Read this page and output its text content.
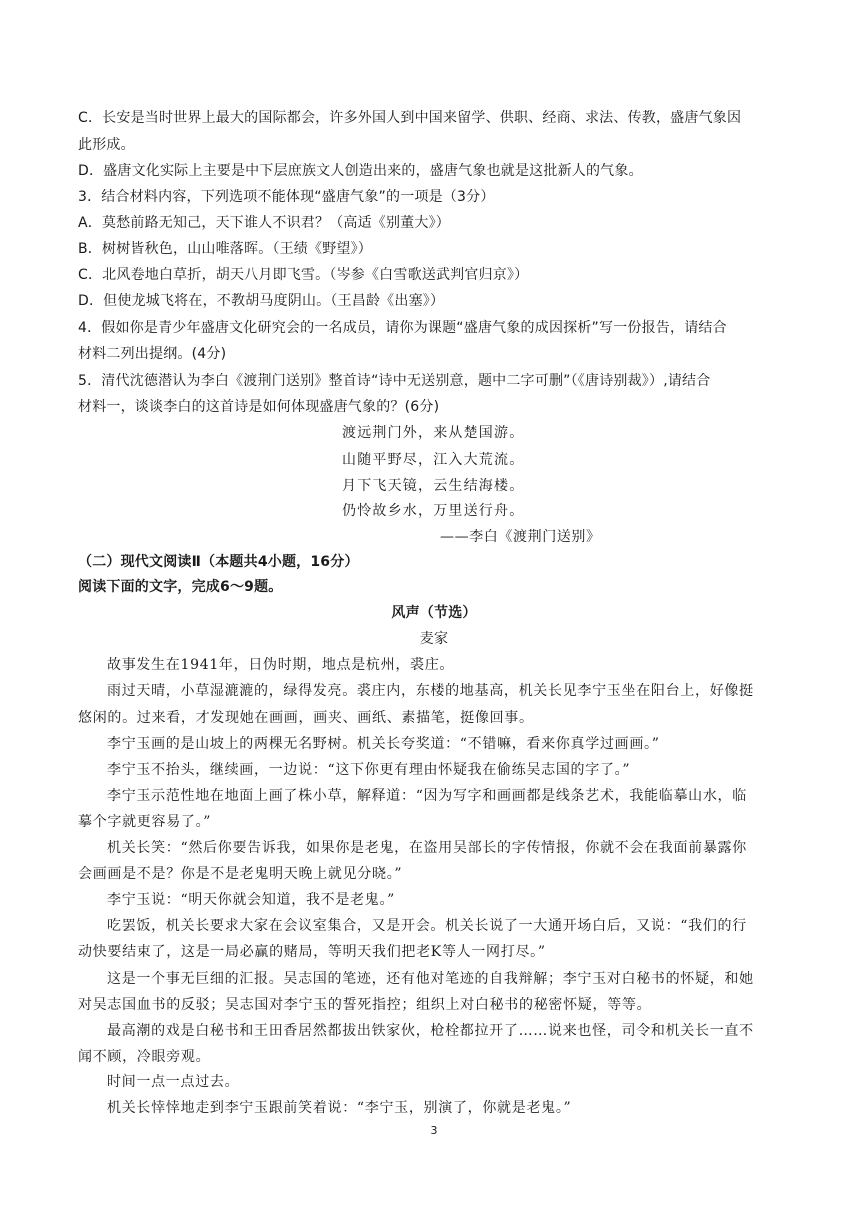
C．长安是当时世界上最大的国际都会，许多外国人到中国来留学、供职、经商、求法、传教，盛唐气象因
此形成。
D．盛唐文化实际上主要是中下层庶族文人创造出来的，盛唐气象也就是这批新人的气象。
3．结合材料内容，下列选项不能体现“盛唐气象”的一项是（3分）
A．莫愁前路无知己，天下谁人不识君？（高适《别董大》）
B．树树皆秋色，山山唯落晖。（王绩《野望》）
C．北风卷地白草折，胡天八月即飞雪。（岑参《白雪歌送武判官归京》）
D．但使龙城飞将在，不教胡马度阴山。（王昌龄《出塞》）
4．假如你是青少年盛唐文化研究会的一名成员，请你为课题“盛唐气象的成因探析”写一份报告，请结合
材料二列出提纲。(4分)
5．清代沈德潜认为李白《渡荆门送别》整首诗“诗中无送别意，题中二字可删”（《唐诗别裁》）,请结合
材料一，谈谈李白的这首诗是如何体现盛唐气象的？(6分)
渡远荆门外，来从楚国游。
山随平野尽，江入大荒流。
月下飞天镜，云生结海楼。
仍怜故乡水，万里送行舟。
——李白《渡荆门送别》
（二）现代文阅读Ⅱ（本题共4小题，16分）
阅读下面的文字，完成6～9题。
风声（节选）
麦家
故事发生在1941年，日伪时期，地点是杭州，裘庄。
雨过天晴，小草湿漉漉的，绿得发亮。裘庄内，东楼的地基高，机关长见李宁玉坐在阳台上，好像挺
悠闲的。过来看，才发现她在画画，画夹、画纸、素描笔，挺像回事。
李宁玉画的是山坡上的两棵无名野树。机关长夸奖道：“不错嘛，看来你真学过画画。”
李宁玉不抬头，继续画，一边说：“这下你更有理由怀疑我在偷练吴志国的字了。”
李宁玉示范性地在地面上画了株小草，解释道：“因为写字和画画都是线条艺术，我能临摹山水，临
摹个字就更容易了。”
机关长笑：“然后你要告诉我，如果你是老鬼，在盗用吴部长的字传情报，你就不会在我面前暴露你
会画画是不是？你是不是老鬼明天晚上就见分晓。”
李宁玉说：“明天你就会知道，我不是老鬼。”
吃罢饭，机关长要求大家在会议室集合，又是开会。机关长说了一大通开场白后，又说：“我们的行
动快要结束了，这是一局必赢的赌局，等明天我们把老K等人一网打尽。”
这是一个事无巨细的汇报。吴志国的笔迹，还有他对笔迹的自我辩解；李宁玉对白秘书的怀疑，和她
对吴志国血书的反驳；吴志国对李宁玉的誓死指控；组织上对白秘书的秘密怀疑，等等。
最高潮的戏是白秘书和王田香居然都拔出铁家伙，枪栓都拉开了……说来也怪，司令和机关长一直不
闻不顾，冷眼旁观。
时间一点一点过去。
机关长悻悻地走到李宁玉跟前笑着说：“李宁玉，别演了，你就是老鬼。”
3
